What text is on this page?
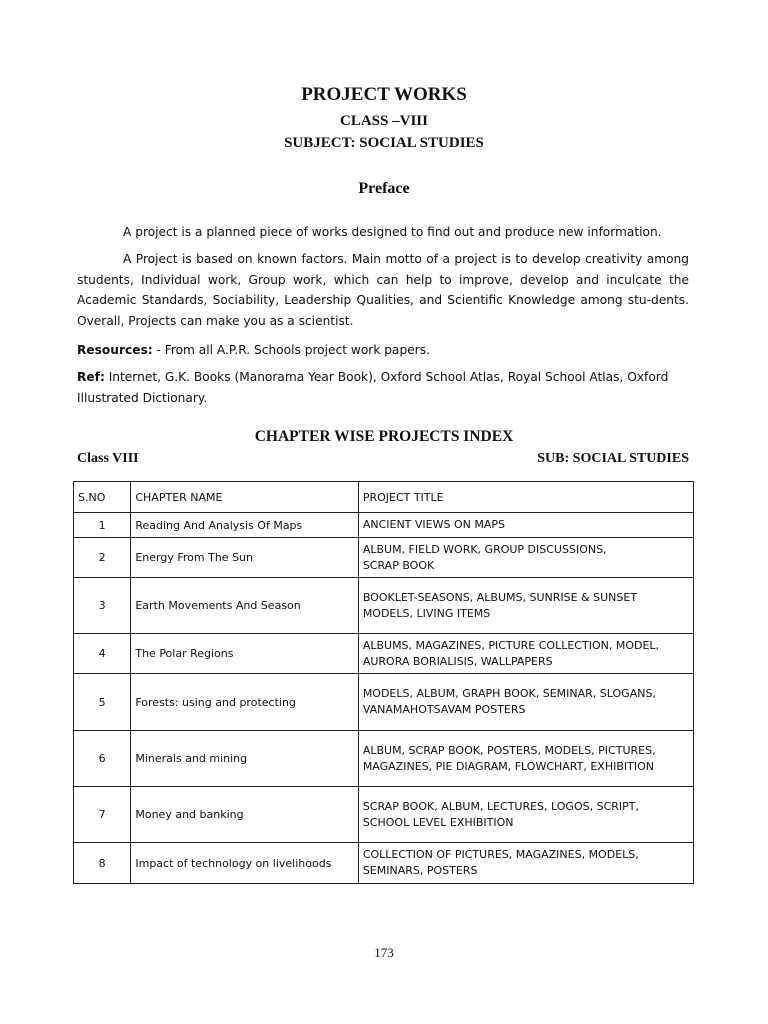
PROJECT WORKS
CLASS –VIII
SUBJECT: SOCIAL STUDIES
Preface
A project is a planned piece of works designed to find out and produce new information.
A Project is based on known factors. Main motto of a project is to develop creativity among students, Individual work, Group work, which can help to improve, develop and inculcate the Academic Standards, Sociability, Leadership Qualities, and Scientific Knowledge among stu-dents. Overall, Projects can make you as a scientist.
Resources: - From all A.P.R. Schools project work papers.
Ref: Internet, G.K. Books (Manorama Year Book), Oxford School Atlas, Royal School Atlas, Oxford Illustrated Dictionary.
CHAPTER WISE PROJECTS INDEX
Class VIII	SUB: SOCIAL STUDIES
S.NO	CHAPTER NAME	PROJECT TITLE
1	Reading And Analysis Of Maps	ANCIENT VIEWS ON MAPS

2	Energy From The Sun	ALBUM, FIELD WORK, GROUP DISCUSSIONS,
SCRAP BOOK

3	Earth Movements And Season	BOOKLET-SEASONS, ALBUMS, SUNRISE & SUNSET
MODELS, LIVING ITEMS

4	The Polar Regions	ALBUMS, MAGAZINES, PICTURE COLLECTION, MODEL,
AURORA BORIALISIS, WALLPAPERS

5	Forests: using and protecting	MODELS, ALBUM, GRAPH BOOK, SEMINAR, SLOGANS,
VANAMAHOTSAVAM POSTERS

6	Minerals and mining	ALBUM, SCRAP BOOK, POSTERS, MODELS, PICTURES,
MAGAZINES, PIE DIAGRAM, FLOWCHART, EXHIBITION

7	Money and banking	SCRAP BOOK, ALBUM, LECTURES, LOGOS, SCRIPT,
SCHOOL LEVEL EXHIBITION

8	Impact of technology on livelihoods	COLLECTION OF PICTURES, MAGAZINES, MODELS,
SEMINARS, POSTERS
173
